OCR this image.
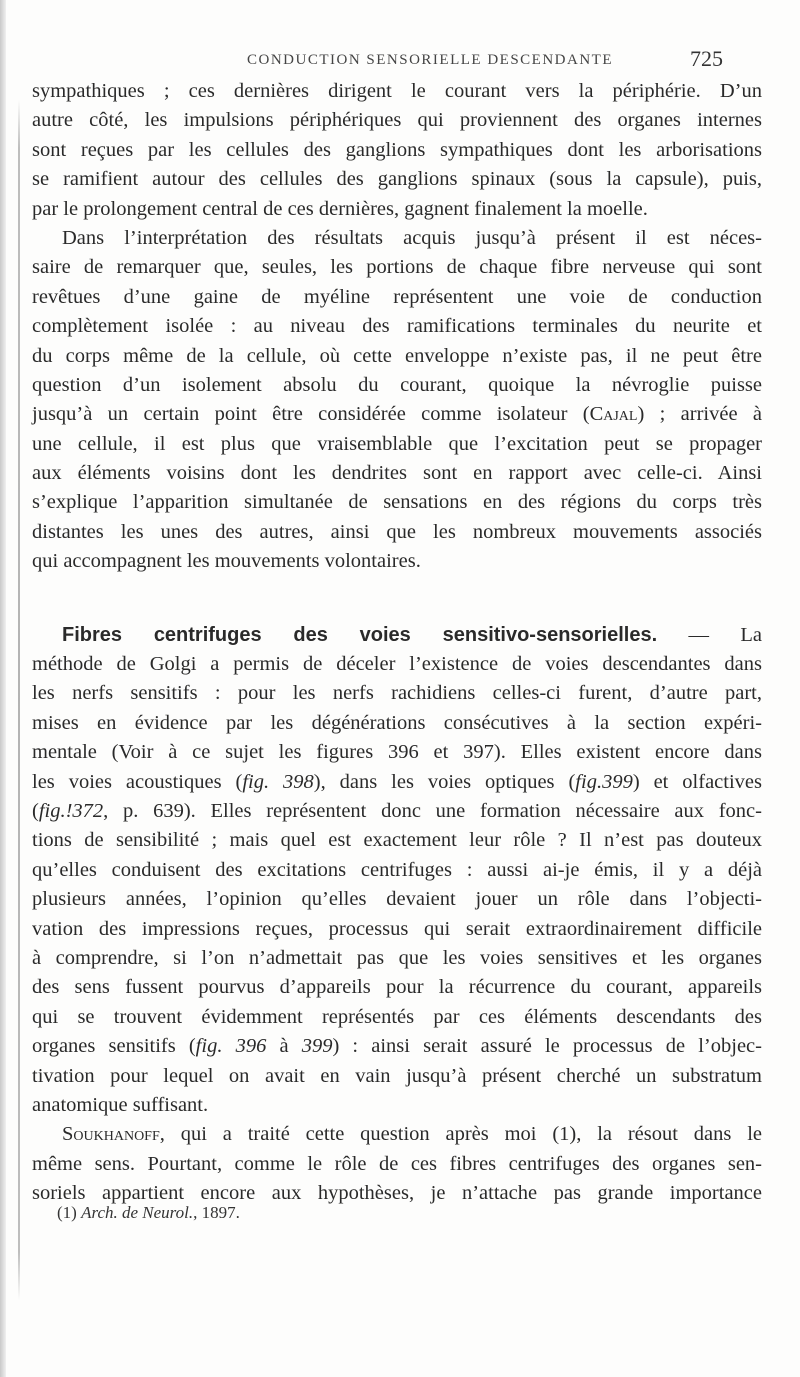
CONDUCTION SENSORIELLE DESCENDANTE	725
sympathiques ; ces dernières dirigent le courant vers la périphérie. D’un
autre côté, les impulsions périphériques qui proviennent des organes internes
sont reçues par les cellules des ganglions sympathiques dont les arborisations
se ramifient autour des cellules des ganglions spinaux (sous la capsule), puis,
par le prolongement central de ces dernières, gagnent finalement la moelle.
Dans l’interprétation des résultats acquis jusqu’à présent il est néces-
saire de remarquer que, seules, les portions de chaque fibre nerveuse qui sont
revêtues d’une gaine de myéline représentent une voie de conduction
complètement isolée : au niveau des ramifications terminales du neurite et
du corps même de la cellule, où cette enveloppe n’existe pas, il ne peut être
question d’un isolement absolu du courant, quoique la névroglie puisse
jusqu’à un certain point être considérée comme isolateur (Cajal) ; arrivée à
une cellule, il est plus que vraisemblable que l’excitation peut se propager
aux éléments voisins dont les dendrites sont en rapport avec celle-ci. Ainsi
s’explique l’apparition simultanée de sensations en des régions du corps très
distantes les unes des autres, ainsi que les nombreux mouvements associés
qui accompagnent les mouvements volontaires.
Fibres centrifuges des voies sensitivo-sensorielles. — La
méthode de Golgi a permis de déceler l’existence de voies descendantes dans
les nerfs sensitifs : pour les nerfs rachidiens celles-ci furent, d’autre part,
mises en évidence par les dégénérations consécutives à la section expéri-
mentale (Voir à ce sujet les figures 396 et 397). Elles existent encore dans
les voies acoustiques (fig. 398), dans les voies optiques (fig.399) et olfactives
(fig.!372, p. 639). Elles représentent donc une formation nécessaire aux fonc-
tions de sensibilité ; mais quel est exactement leur rôle ? Il n’est pas douteux
qu’elles conduisent des excitations centrifuges : aussi ai-je émis, il y a déjà
plusieurs années, l’opinion qu’elles devaient jouer un rôle dans l’objecti-
vation des impressions reçues, processus qui serait extraordinairement difficile
à comprendre, si l’on n’admettait pas que les voies sensitives et les organes
des sens fussent pourvus d’appareils pour la récurrence du courant, appareils
qui se trouvent évidemment représentés par ces éléments descendants des
organes sensitifs (fig. 396 à 399) : ainsi serait assuré le processus de l’objec-
tivation pour lequel on avait en vain jusqu’à présent cherché un substratum
anatomique suffisant.
Soukhanoff, qui a traité cette question après moi (1), la résout dans le
même sens. Pourtant, comme le rôle de ces fibres centrifuges des organes sen-
soriels appartient encore aux hypothèses, je n’attache pas grande importance
(1) Arch. de Neurol., 1897.
